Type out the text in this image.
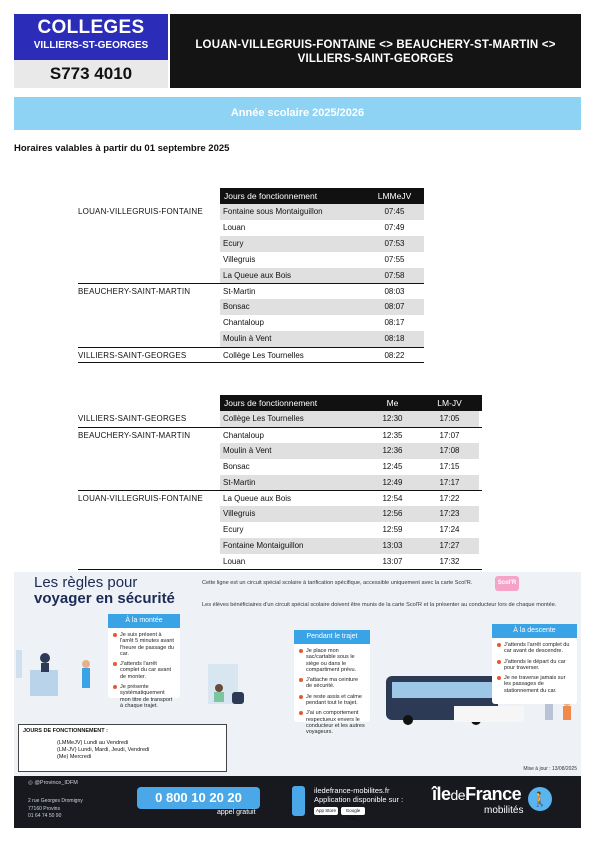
COLLEGES
VILLIERS-ST-GEORGES
S773 4010
LOUAN-VILLEGRUIS-FONTAINE <> BEAUCHERY-ST-MARTIN <>
VILLIERS-SAINT-GEORGES
Année scolaire 2025/2026
Horaires valables à partir du 01 septembre 2025
Jours de fonctionnement	LMMeJV
LOUAN-VILLEGRUIS-FONTAINE	Fontaine sous Montaiguillon	07:45
Louan	07:49
Ecury	07:53
Villegruis	07:55
La Queue aux Bois	07:58
BEAUCHERY-SAINT-MARTIN	St-Martin	08:03
Bonsac	08:07
Chantaloup	08:17
Moulin à Vent	08:18
VILLIERS-SAINT-GEORGES	Collège Les Tournelles	08:22
Jours de fonctionnement	Me	LM-JV
VILLIERS-SAINT-GEORGES	Collège Les Tournelles	12:30	17:05
BEAUCHERY-SAINT-MARTIN	Chantaloup	12:35	17:07
Moulin à Vent	12:36	17:08
Bonsac	12:45	17:15
St-Martin	12:49	17:17
LOUAN-VILLEGRUIS-FONTAINE	La Queue aux Bois	12:54	17:22
Villegruis	12:56	17:23
Ecury	12:59	17:24
Fontaine Montaiguillon	13:03	17:27
Louan	13:07	17:32
Les règles pour
voyager en sécurité
Cette ligne est un circuit spécial scolaire à tarification spécifique, accessible uniquement avec la carte Scol'R.	Scol'R
Les élèves bénéficiaires d'un circuit spécial scolaire doivent être munis de la carte Scol'R et la présenter au conducteur lors de chaque montée.
À la montée
Je suis présent à l'arrêt 5 minutes avant l'heure de passage du car.
J'attends l'arrêt complet du car avant de monter.
Je présente systématiquement mon titre de transport à chaque trajet.
Pendant le trajet
Je place mon sac/cartable sous le siège ou dans le compartiment prévu.
J'attache ma ceinture de sécurité.
Je reste assis et calme pendant tout le trajet.
J'ai un comportement respectueux envers le conducteur et les autres voyageurs.
À la descente
J'attends l'arrêt complet du car avant de descendre.
J'attends le départ du car pour traverser.
Je ne traverse jamais sur les passages de stationnement du car.
JOURS DE FONCTIONNEMENT :
(LMMeJV) Lundi au Vendredi
(LM-JV) Lundi, Mardi, Jeudi, Vendredi
(Me) Mercredi
Mise à jour : 13/08/2025
◎ @Province_IDFM
2 rue Georges Dromigny
77160 Provins
01 64 74 50 90
0 800 10 20 20
appel gratuit
iledefrance-mobilites.fr
Application disponible sur :
App Store	Google Play
îledeFrance
mobilités
🚶
